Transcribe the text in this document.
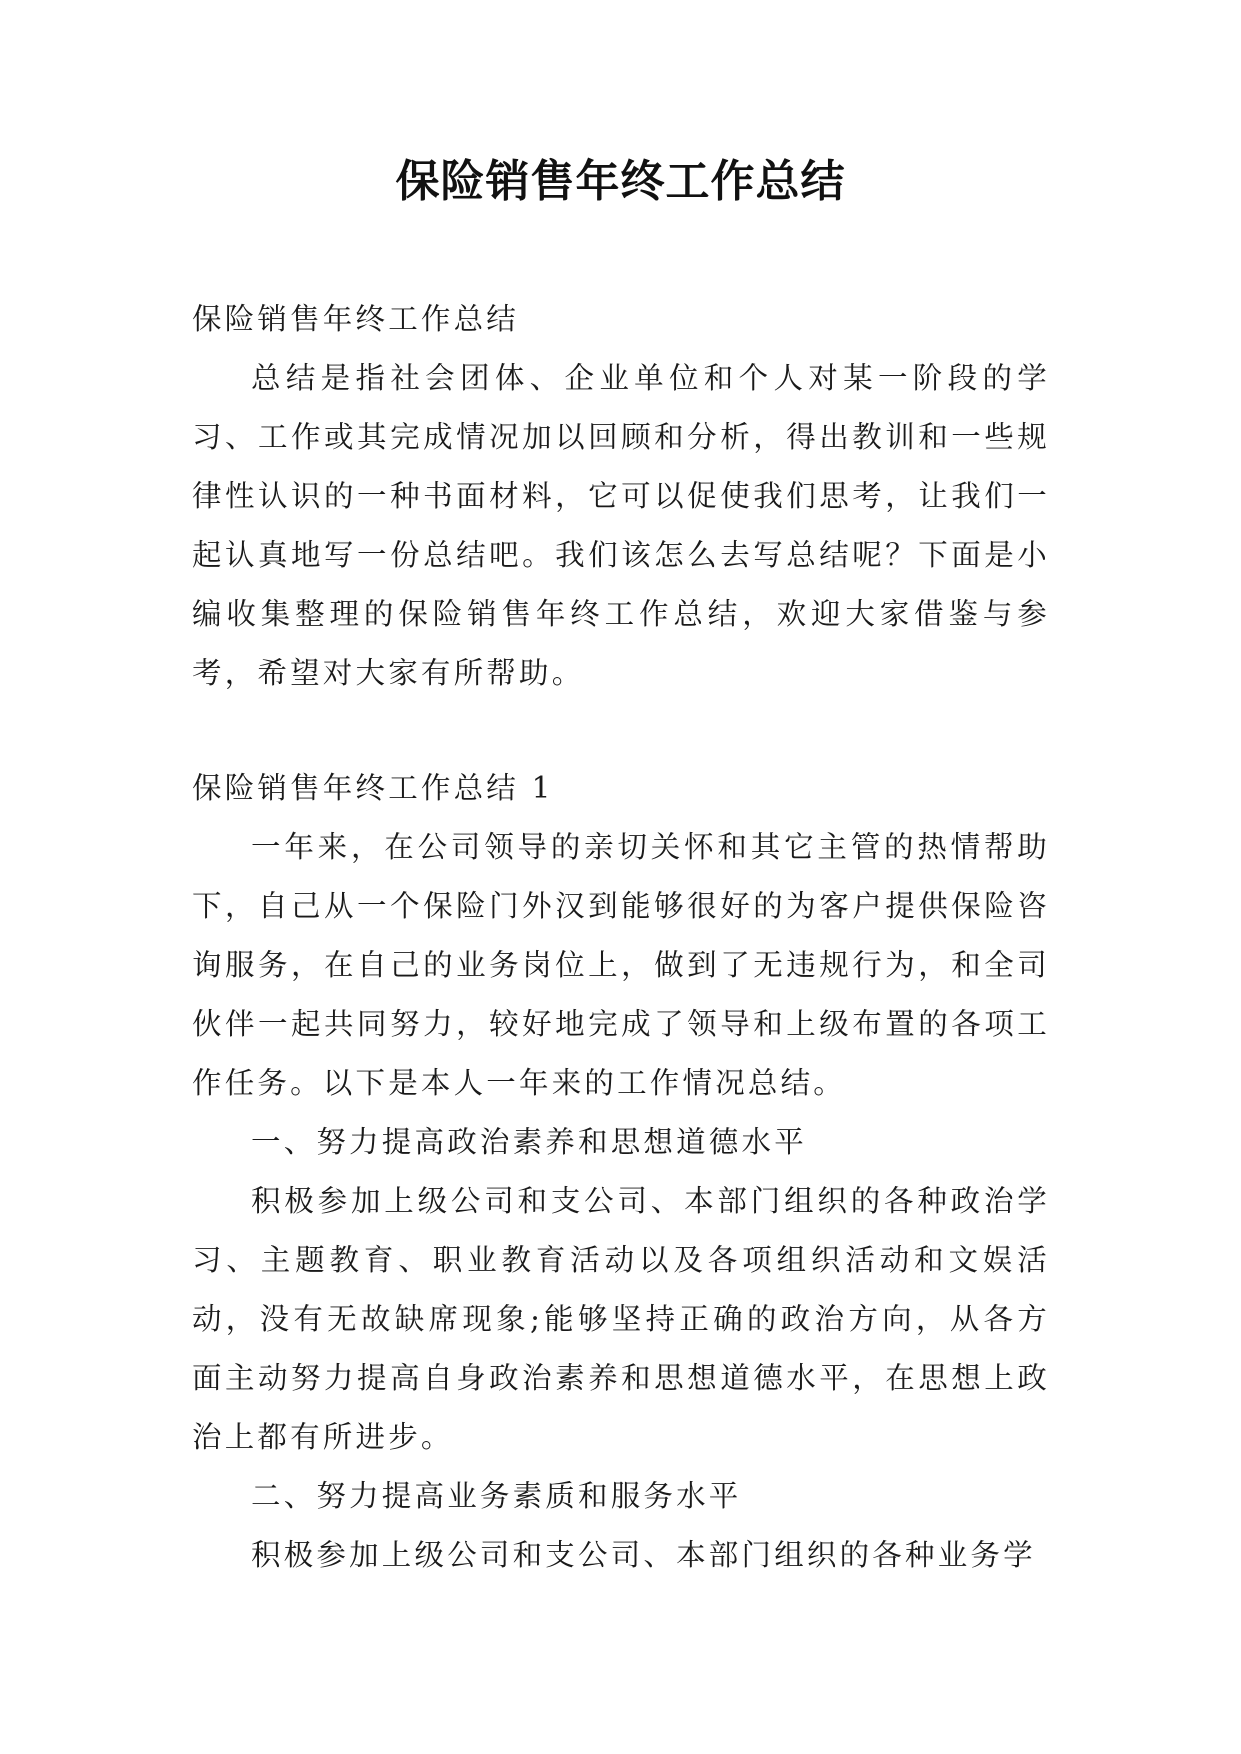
保险销售年终工作总结

保险销售年终工作总结

总结是指社会团体、企业单位和个人对某一阶段的学习、工作或其完成情况加以回顾和分析，得出教训和一些规律性认识的一种书面材料，它可以促使我们思考，让我们一起认真地写一份总结吧。我们该怎么去写总结呢？下面是小编收集整理的保险销售年终工作总结，欢迎大家借鉴与参考，希望对大家有所帮助。

保险销售年终工作总结 1

一年来，在公司领导的亲切关怀和其它主管的热情帮助下，自己从一个保险门外汉到能够很好的为客户提供保险咨询服务，在自己的业务岗位上，做到了无违规行为，和全司伙伴一起共同努力，较好地完成了领导和上级布置的各项工作任务。以下是本人一年来的工作情况总结。

一、努力提高政治素养和思想道德水平

积极参加上级公司和支公司、本部门组织的各种政治学习、主题教育、职业教育活动以及各项组织活动和文娱活动，没有无故缺席现象;能够坚持正确的政治方向，从各方面主动努力提高自身政治素养和思想道德水平，在思想上政治上都有所进步。

二、努力提高业务素质和服务水平

积极参加上级公司和支公司、本部门组织的各种业务学
